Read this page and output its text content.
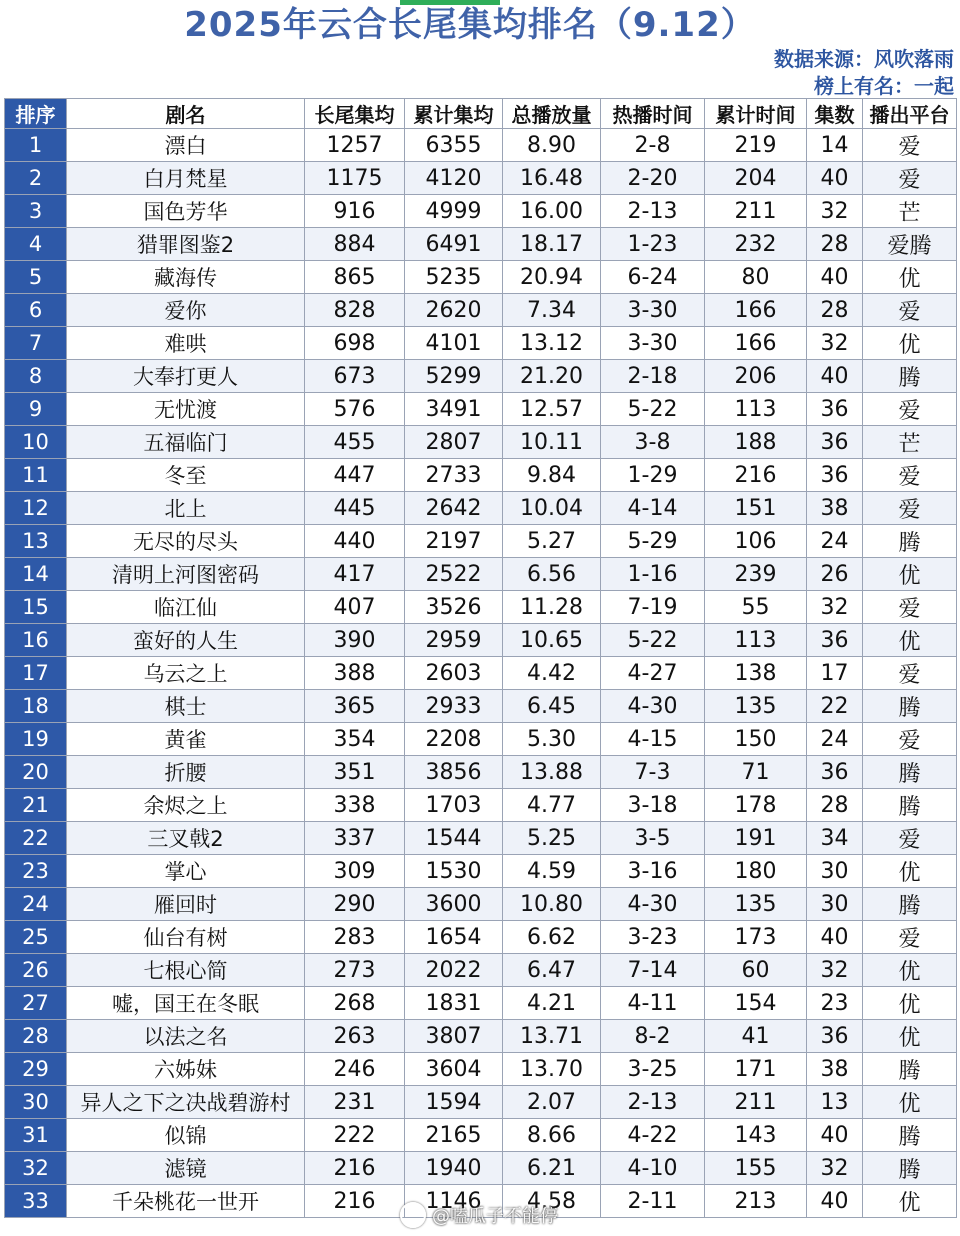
2025年云合长尾集均排名（9.12）
数据来源：风吹落雨
榜上有名：一起
排序	剧名	长尾集均	累计集均	总播放量	热播时间	累计时间	集数	播出平台
1	漂白	1257	6355	8.90	2-8	219	14	爱
2	白月梵星	1175	4120	16.48	2-20	204	40	爱
3	国色芳华	916	4999	16.00	2-13	211	32	芒
4	猎罪图鉴2	884	6491	18.17	1-23	232	28	爱腾
5	藏海传	865	5235	20.94	6-24	80	40	优
6	爱你	828	2620	7.34	3-30	166	28	爱
7	难哄	698	4101	13.12	3-30	166	32	优
8	大奉打更人	673	5299	21.20	2-18	206	40	腾
9	无忧渡	576	3491	12.57	5-22	113	36	爱
10	五福临门	455	2807	10.11	3-8	188	36	芒
11	冬至	447	2733	9.84	1-29	216	36	爱
12	北上	445	2642	10.04	4-14	151	38	爱
13	无尽的尽头	440	2197	5.27	5-29	106	24	腾
14	清明上河图密码	417	2522	6.56	1-16	239	26	优
15	临江仙	407	3526	11.28	7-19	55	32	爱
16	蛮好的人生	390	2959	10.65	5-22	113	36	优
17	乌云之上	388	2603	4.42	4-27	138	17	爱
18	棋士	365	2933	6.45	4-30	135	22	腾
19	黄雀	354	2208	5.30	4-15	150	24	爱
20	折腰	351	3856	13.88	7-3	71	36	腾
21	余烬之上	338	1703	4.77	3-18	178	28	腾
22	三叉戟2	337	1544	5.25	3-5	191	34	爱
23	掌心	309	1530	4.59	3-16	180	30	优
24	雁回时	290	3600	10.80	4-30	135	30	腾
25	仙台有树	283	1654	6.62	3-23	173	40	爱
26	七根心简	273	2022	6.47	7-14	60	32	优
27	嘘，国王在冬眠	268	1831	4.21	4-11	154	23	优
28	以法之名	263	3807	13.71	8-2	41	36	优
29	六姊妹	246	3604	13.70	3-25	171	38	腾
30	异人之下之决战碧游村	231	1594	2.07	2-13	211	13	优
31	似锦	222	2165	8.66	4-22	143	40	腾
32	滤镜	216	1940	6.21	4-10	155	32	腾
33	千朵桃花一世开	216	1146	4.58	2-11	213	40	优
@嗑瓜子不能停
